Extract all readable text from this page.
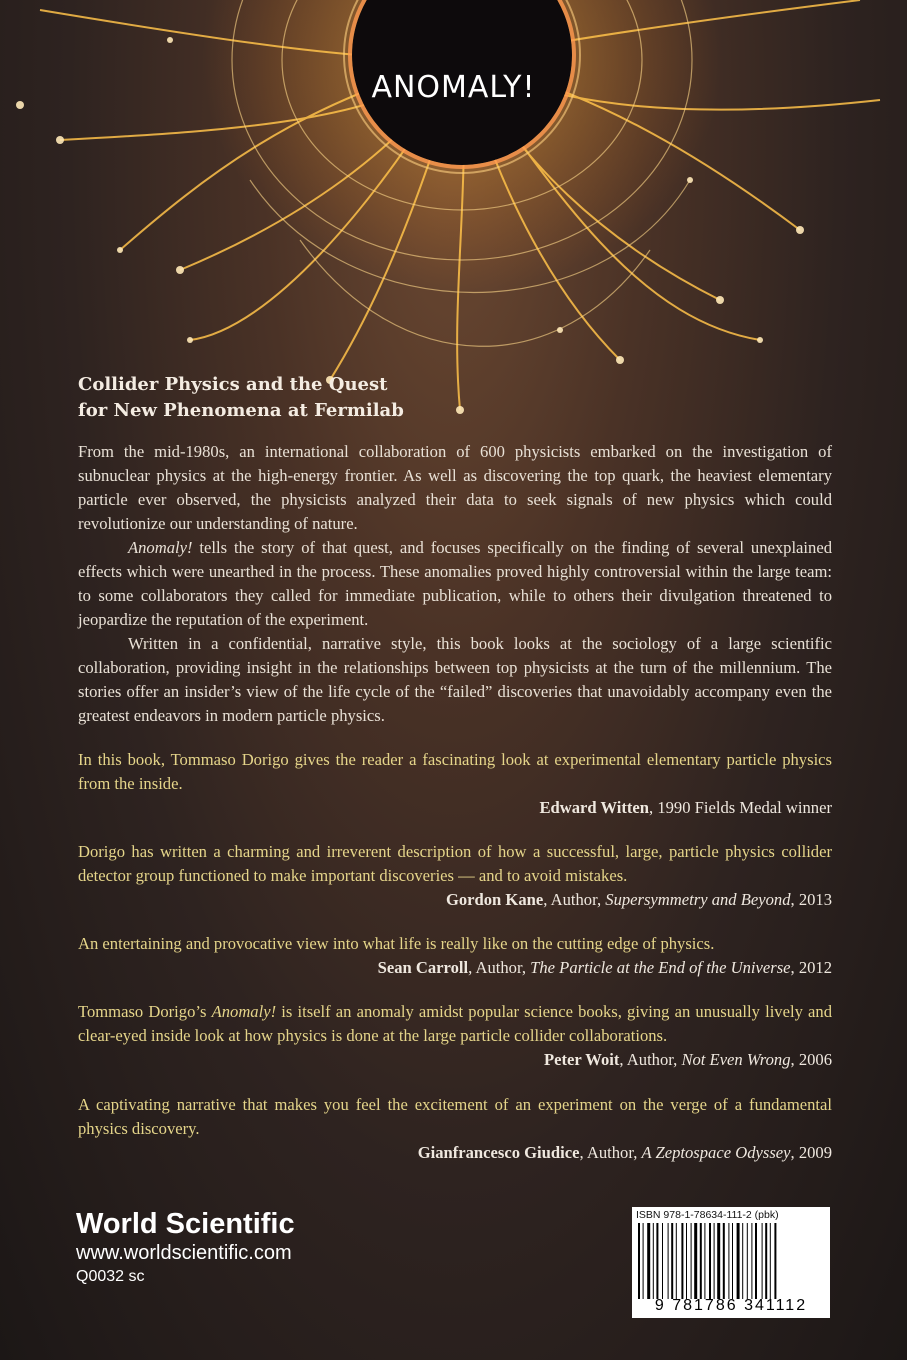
ANOMALY!
Collider Physics and the Quest
for New Phenomena at Fermilab

From the mid-1980s, an international collaboration of 600 physicists embarked on the investigation of subnuclear physics at the high-energy frontier. As well as discovering the top quark, the heaviest elementary particle ever observed, the physicists analyzed their data to seek signals of new physics which could revolutionize our understanding of nature.

Anomaly! tells the story of that quest, and focuses specifically on the finding of several unexplained effects which were unearthed in the process. These anomalies proved highly controversial within the large team: to some collaborators they called for immediate publication, while to others their divulgation threatened to jeopardize the reputation of the experiment.

Written in a confidential, narrative style, this book looks at the sociology of a large scientific collaboration, providing insight in the relationships between top physicists at the turn of the millennium. The stories offer an insider’s view of the life cycle of the “failed” discoveries that unavoidably accompany even the greatest endeavors in modern particle physics.

In this book, Tommaso Dorigo gives the reader a fascinating look at experimental elementary particle physics from the inside.
Edward Witten, 1990 Fields Medal winner
Dorigo has written a charming and irreverent description of how a successful, large, particle physics collider detector group functioned to make important discoveries — and to avoid mistakes.
Gordon Kane, Author, Supersymmetry and Beyond, 2013
An entertaining and provocative view into what life is really like on the cutting edge of physics.
Sean Carroll, Author, The Particle at the End of the Universe, 2012
Tommaso Dorigo’s Anomaly! is itself an anomaly amidst popular science books, giving an unusually lively and clear-eyed inside look at how physics is done at the large particle collider collaborations.
Peter Woit, Author, Not Even Wrong, 2006
A captivating narrative that makes you feel the excitement of an experiment on the verge of a fundamental physics discovery.
Gianfrancesco Giudice, Author, A Zeptospace Odyssey, 2009
World Scientific
www.worldscientific.com
Q0032 sc
ISBN 978-1-78634-111-2 (pbk)
9 781786 341112
